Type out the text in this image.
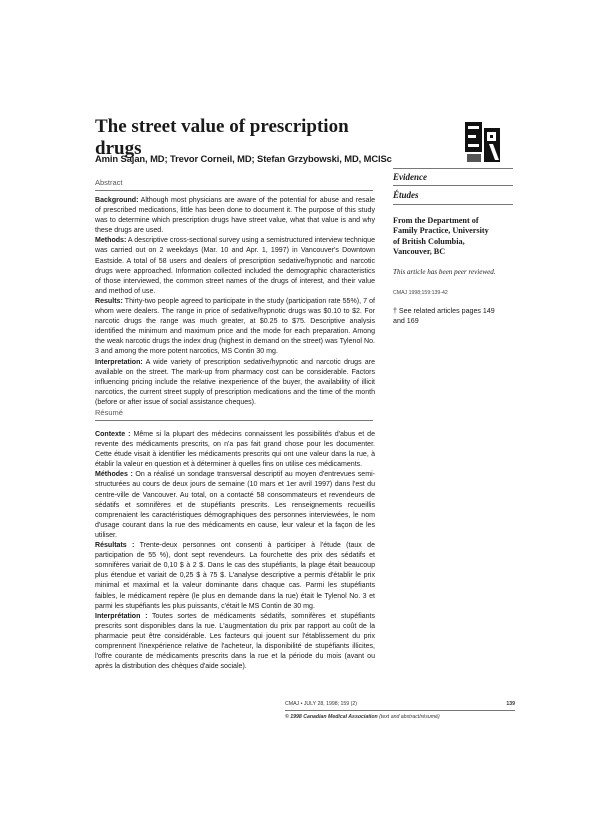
The street value of prescription drugs
Amin Sajan, MD; Trevor Corneil, MD; Stefan Grzybowski, MD, MClSc
Evidence
Études
From the Department of
Family Practice, University
of British Columbia,
Vancouver, BC
This article has been peer reviewed.
CMAJ 1998;159:139-42
† See related articles pages 149 and 169
Abstract

Background: Although most physicians are aware of the potential for abuse and resale of prescribed medications, little has been done to document it. The purpose of this study was to determine which prescription drugs have street value, what that value is and why these drugs are used.

Methods: A descriptive cross-sectional survey using a semistructured interview technique was carried out on 2 weekdays (Mar. 10 and Apr. 1, 1997) in Vancouver's Downtown Eastside. A total of 58 users and dealers of prescription sedative/hypnotic and narcotic drugs were approached. Information collected included the demographic characteristics of those interviewed, the common street names of the drugs of interest, and their value and method of use.

Results: Thirty-two people agreed to participate in the study (participation rate 55%), 7 of whom were dealers. The range in price of sedative/hypnotic drugs was $0.10 to $2. For narcotic drugs the range was much greater, at $0.25 to $75. Descriptive analysis identified the minimum and maximum price and the mode for each preparation. Among the weak narcotic drugs the index drug (highest in demand on the street) was Tylenol No. 3 and among the more potent narcotics, MS Contin 30 mg.

Interpretation: A wide variety of prescription sedative/hypnotic and narcotic drugs are available on the street. The mark-up from pharmacy cost can be considerable. Factors influencing pricing include the relative inexperience of the buyer, the availability of illicit narcotics, the current street supply of prescription medications and the time of the month (before or after issue of social assistance cheques).

Résumé

Contexte : Même si la plupart des médecins connaissent les possibilités d'abus et de revente des médicaments prescrits, on n'a pas fait grand chose pour les documenter. Cette étude visait à identifier les médicaments prescrits qui ont une valeur dans la rue, à établir la valeur en question et à déterminer à quelles fins on utilise ces médicaments.

Méthodes : On a réalisé un sondage transversal descriptif au moyen d'entrevues semi-structurées au cours de deux jours de semaine (10 mars et 1er avril 1997) dans l'est du centre-ville de Vancouver. Au total, on a contacté 58 consommateurs et revendeurs de sédatifs et somnifères et de stupéfiants prescrits. Les renseignements recueillis comprenaient les caractéristiques démographiques des personnes interviewées, le nom d'usage courant dans la rue des médicaments en cause, leur valeur et la façon de les utiliser.

Résultats : Trente-deux personnes ont consenti à participer à l'étude (taux de participation de 55 %), dont sept revendeurs. La fourchette des prix des sédatifs et somnifères variait de 0,10 $ à 2 $. Dans le cas des stupéfiants, la plage était beaucoup plus étendue et variait de 0,25 $ à 75 $. L'analyse descriptive a permis d'établir le prix minimal et maximal et la valeur dominante dans chaque cas. Parmi les stupéfiants faibles, le médicament repère (le plus en demande dans la rue) était le Tylenol No. 3 et parmi les stupéfiants les plus puissants, c'était le MS Contin de 30 mg.

Interprétation : Toutes sortes de médicaments sédatifs, somnifères et stupéfiants prescrits sont disponibles dans la rue. L'augmentation du prix par rapport au coût de la pharmacie peut être considérable. Les facteurs qui jouent sur l'établissement du prix comprennent l'inexpérience relative de l'acheteur, la disponibilité de stupéfiants illicites, l'offre courante de médicaments prescrits dans la rue et la période du mois (avant ou après la distribution des chèques d'aide sociale).

CMAJ • JULY 28, 1998; 159 (2)	139
© 1998 Canadian Medical Association (text and abstract/résumé)
